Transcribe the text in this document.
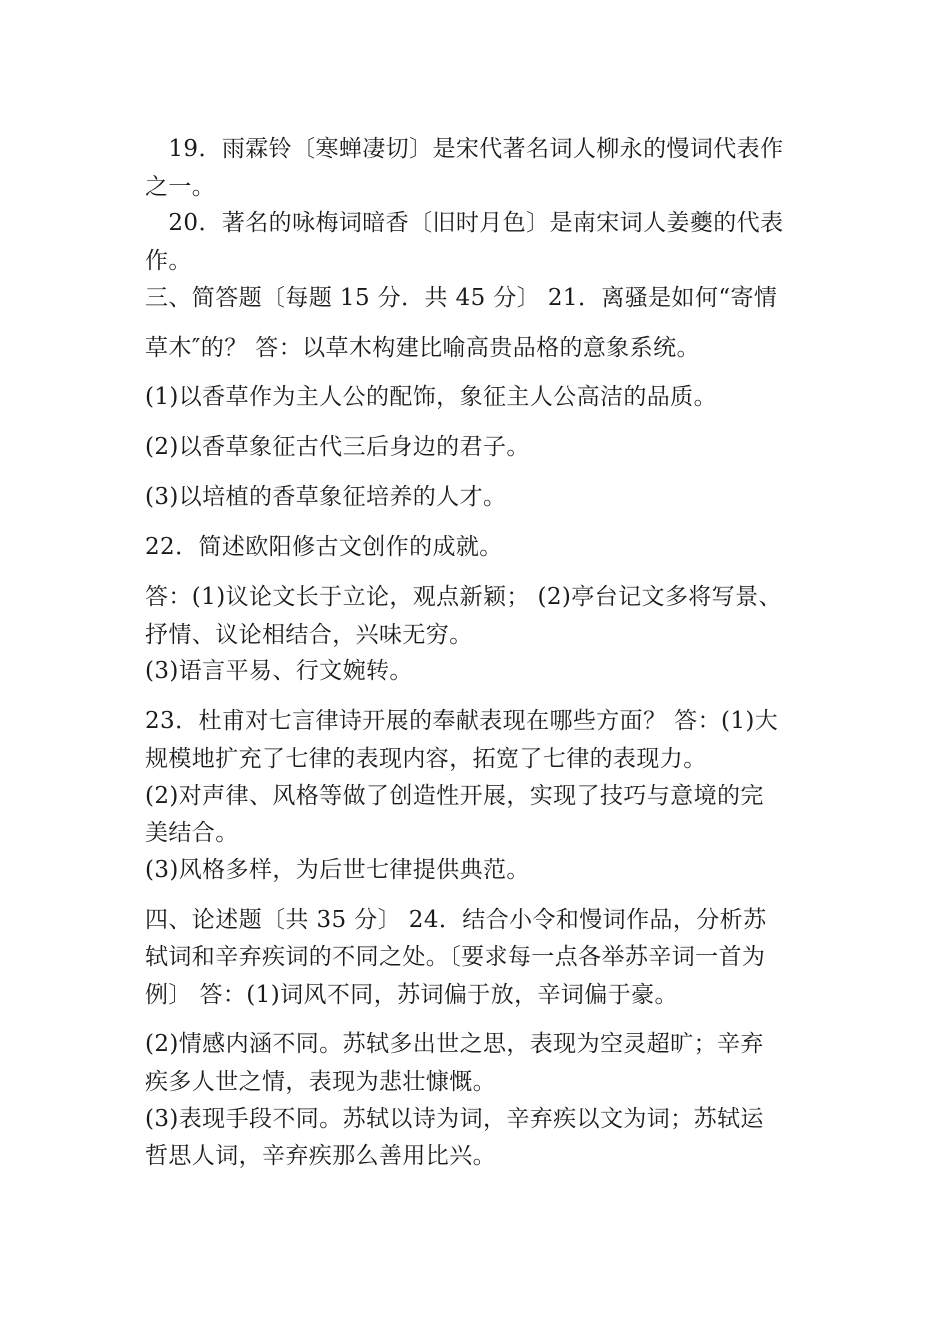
　19．雨霖铃〔寒蝉凄切〕是宋代著名词人柳永的慢词代表作
之一。
　20．著名的咏梅词暗香〔旧时月色〕是南宋词人姜夔的代表
作。
三、简答题〔每题 15 分．共 45 分〕 21．离骚是如何“寄情
草木″的？ 答：以草木构建比喻高贵品格的意象系统。
(1)以香草作为主人公的配饰，象征主人公高洁的品质。
(2)以香草象征古代三后身边的君子。
(3)以培植的香草象征培养的人才。
22．简述欧阳修古文创作的成就。
答：(1)议论文长于立论，观点新颖； (2)亭台记文多将写景、
抒情、议论相结合，兴味无穷。
(3)语言平易、行文婉转。
23．杜甫对七言律诗开展的奉献表现在哪些方面？ 答：(1)大
规模地扩充了七律的表现内容，拓宽了七律的表现力。
(2)对声律、风格等做了创造性开展，实现了技巧与意境的完
美结合。
(3)风格多样，为后世七律提供典范。
四、论述题〔共 35 分〕 24．结合小令和慢词作品，分析苏
轼词和辛弃疾词的不同之处。〔要求每一点各举苏辛词一首为
例〕 答：(1)词风不同，苏词偏于放，辛词偏于豪。
(2)情感内涵不同。苏轼多出世之思，表现为空灵超旷；辛弃
疾多人世之情，表现为悲壮慷慨。
(3)表现手段不同。苏轼以诗为词，辛弃疾以文为词；苏轼运
哲思人词，辛弃疾那么善用比兴。
